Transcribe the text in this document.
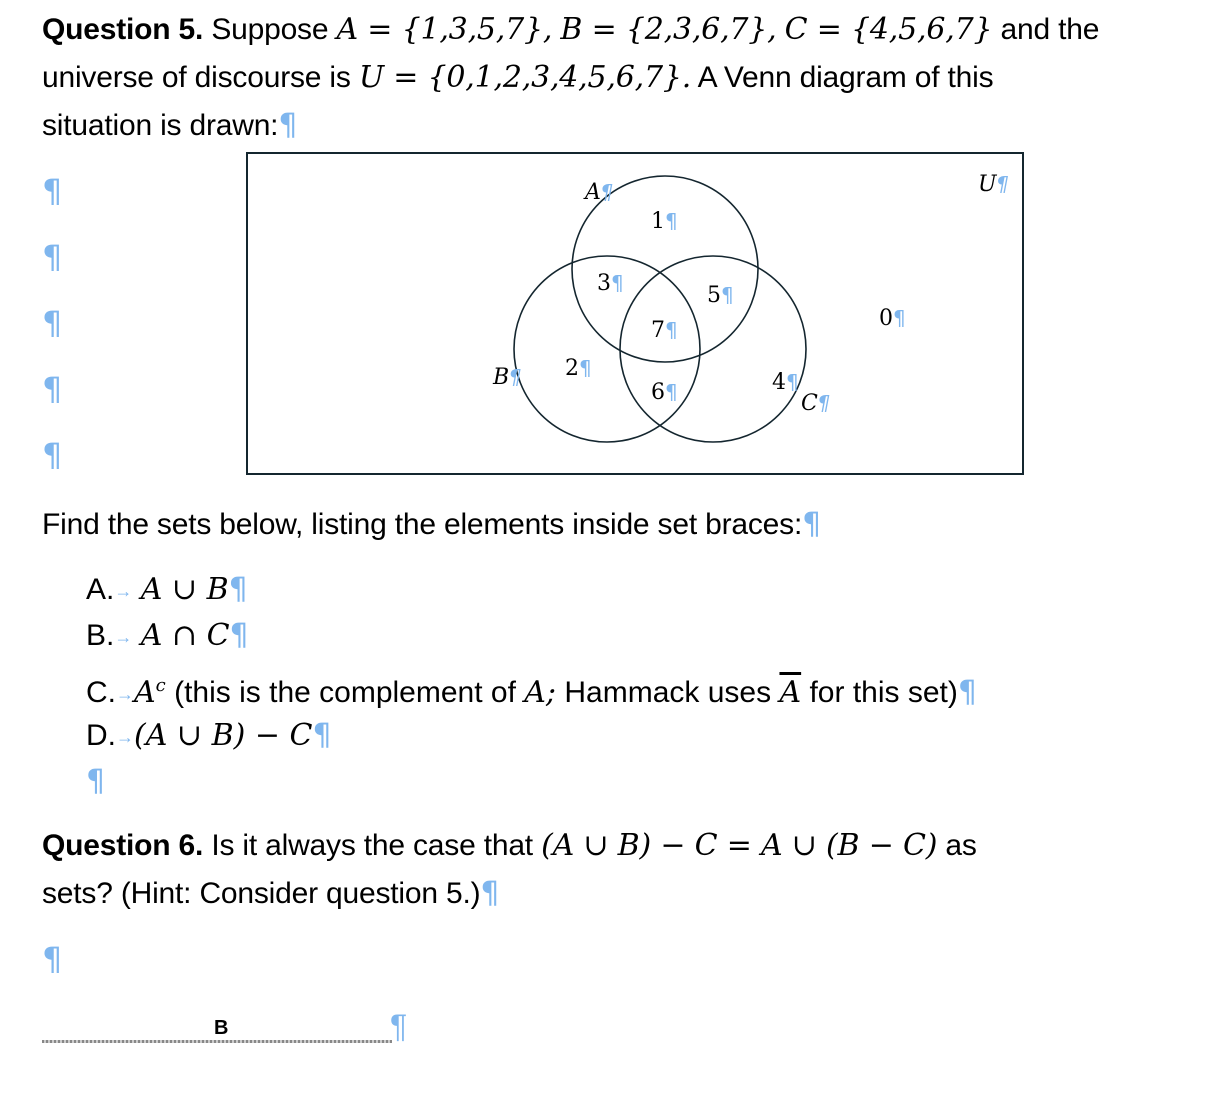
Question 5. Suppose A = {1,3,5,7}, B = {2,3,6,7}, C = {4,5,6,7} and the
universe of discourse is U = {0,1,2,3,4,5,6,7}. A Venn diagram of this
situation is drawn:¶
¶
¶
¶
¶
¶
U¶
A¶
B¶
C¶
1¶
3¶	5¶
7¶
2¶
6¶	4¶
0¶
Find the sets below, listing the elements inside set braces:¶
A.→ A ∪ B¶
B.→ A ∩ C¶
$C.\to A^c$ (this is the complement of A; Hammack uses $\overline{A}$ for this set)¶
D.→(A ∪ B) − C¶
¶
Question 6. Is it always the case that (A ∪ B) − C = A ∪ (B − C) as
sets? (Hint: Consider question 5.)¶
¶
B	¶
